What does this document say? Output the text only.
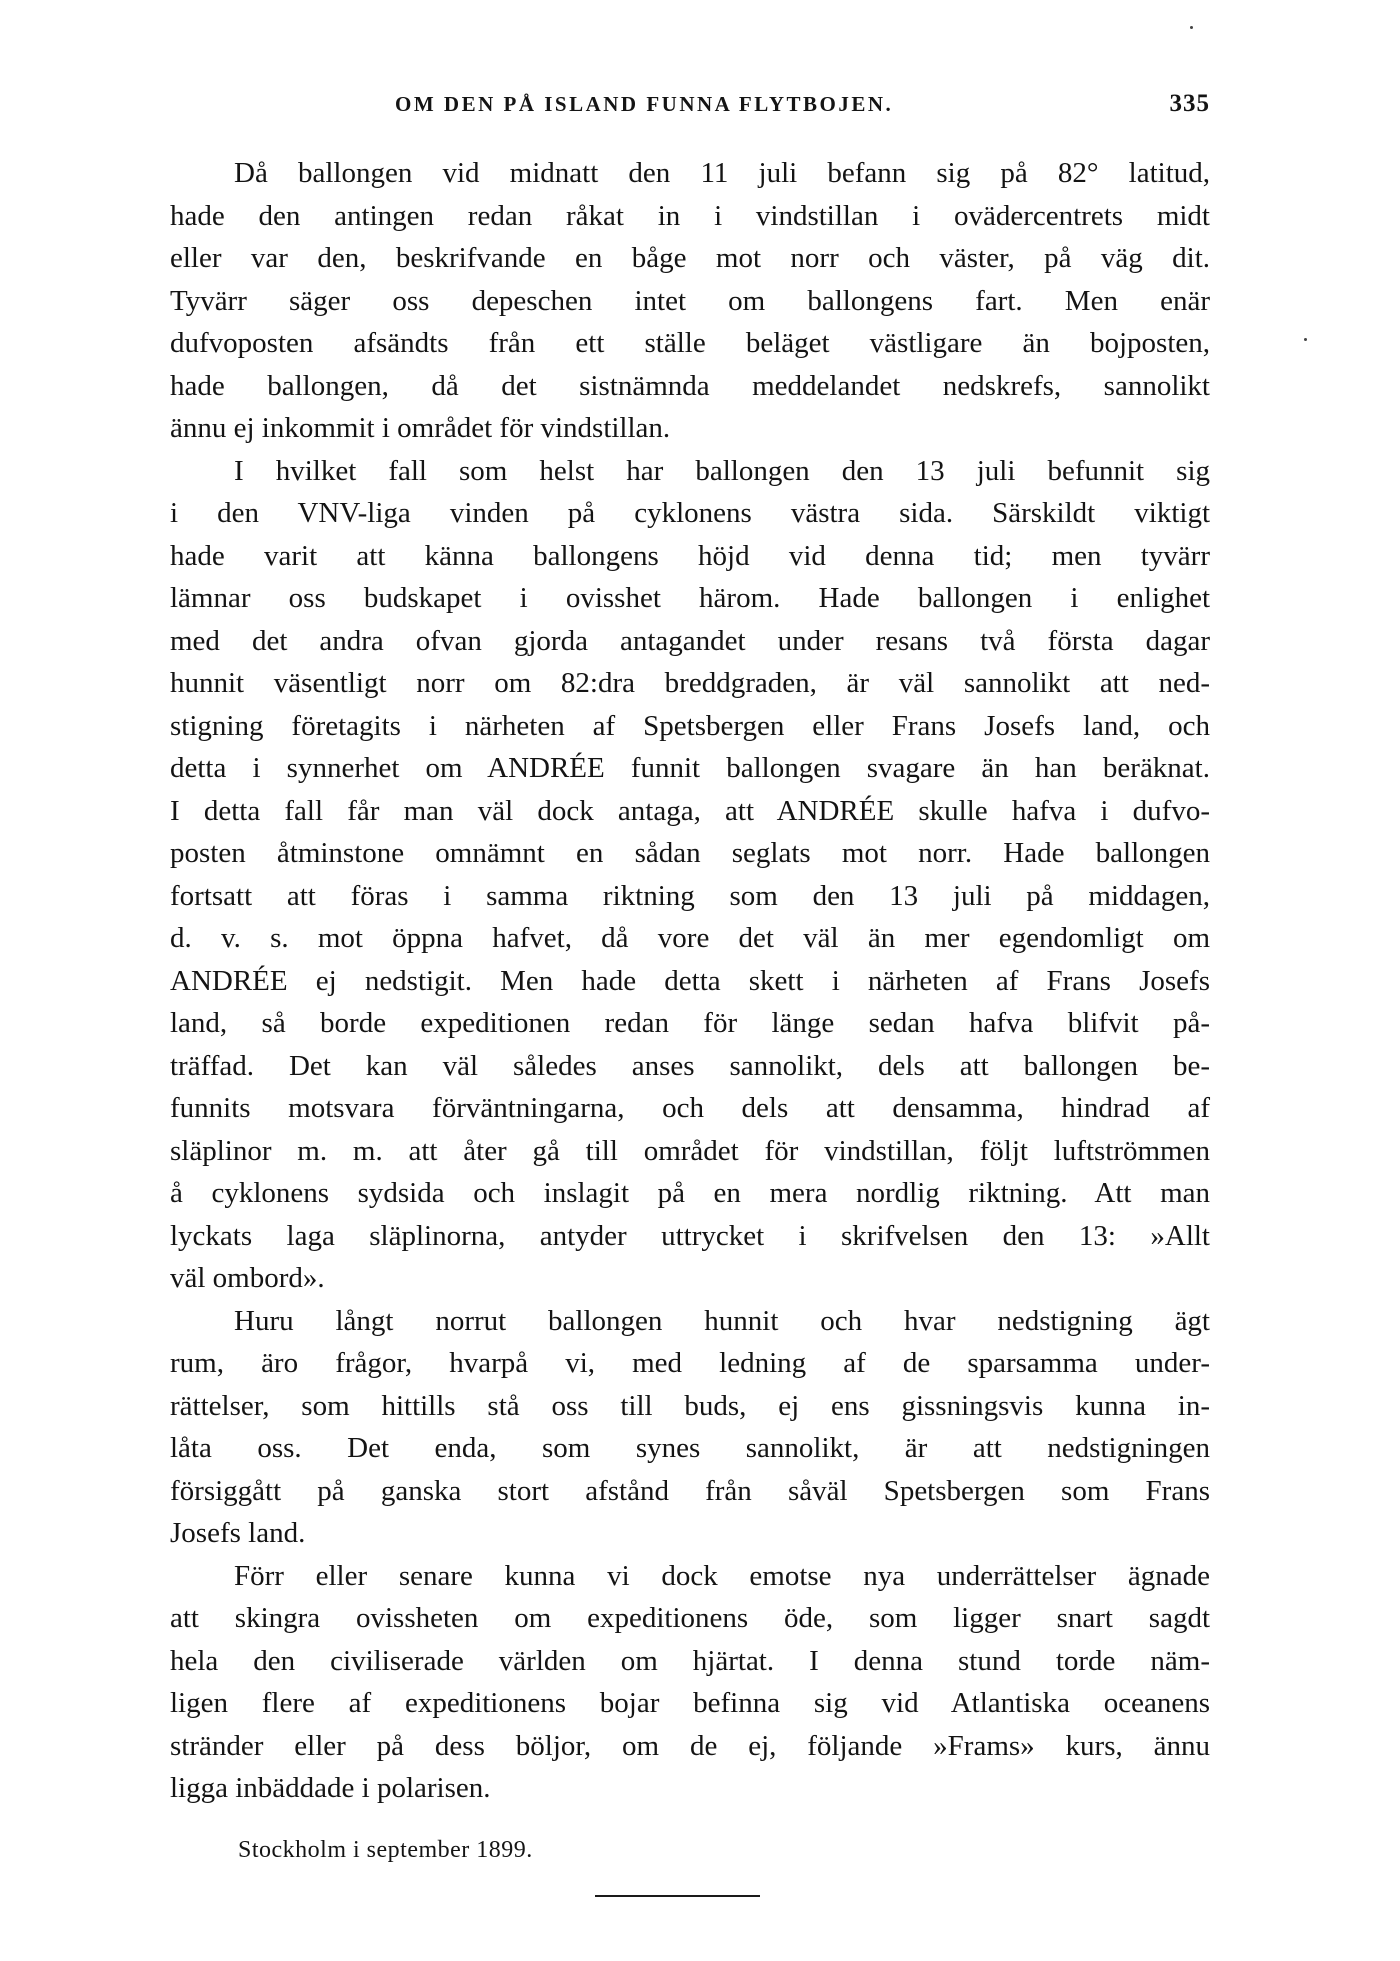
OM DEN PÅ ISLAND FUNNA FLYTBOJEN.	335
Då ballongen vid midnatt den 11 juli befann sig på 82° latitud,
hade den antingen redan råkat in i vindstillan i ovädercentrets midt
eller var den, beskrifvande en båge mot norr och väster, på väg dit.
Tyvärr säger oss depeschen intet om ballongens fart. Men enär
dufvoposten afsändts från ett ställe beläget västligare än bojposten,
hade ballongen, då det sistnämnda meddelandet nedskrefs, sannolikt
ännu ej inkommit i området för vindstillan.
I hvilket fall som helst har ballongen den 13 juli befunnit sig
i den VNV-liga vinden på cyklonens västra sida. Särskildt viktigt
hade varit att känna ballongens höjd vid denna tid; men tyvärr
lämnar oss budskapet i ovisshet härom. Hade ballongen i enlighet
med det andra ofvan gjorda antagandet under resans två första dagar
hunnit väsentligt norr om 82:dra breddgraden, är väl sannolikt att ned-
stigning företagits i närheten af Spetsbergen eller Frans Josefs land, och
detta i synnerhet om ANDRÉE funnit ballongen svagare än han beräknat.
I detta fall får man väl dock antaga, att ANDRÉE skulle hafva i dufvo-
posten åtminstone omnämnt en sådan seglats mot norr. Hade ballongen
fortsatt att föras i samma riktning som den 13 juli på middagen,
d. v. s. mot öppna hafvet, då vore det väl än mer egendomligt om
ANDRÉE ej nedstigit. Men hade detta skett i närheten af Frans Josefs
land, så borde expeditionen redan för länge sedan hafva blifvit på-
träffad. Det kan väl således anses sannolikt, dels att ballongen be-
funnits motsvara förväntningarna, och dels att densamma, hindrad af
släplinor m. m. att åter gå till området för vindstillan, följt luftströmmen
å cyklonens sydsida och inslagit på en mera nordlig riktning. Att man
lyckats laga släplinorna, antyder uttrycket i skrifvelsen den 13: »Allt
väl ombord».
Huru långt norrut ballongen hunnit och hvar nedstigning ägt
rum, äro frågor, hvarpå vi, med ledning af de sparsamma under-
rättelser, som hittills stå oss till buds, ej ens gissningsvis kunna in-
låta oss. Det enda, som synes sannolikt, är att nedstigningen
försiggått på ganska stort afstånd från såväl Spetsbergen som Frans
Josefs land.
Förr eller senare kunna vi dock emotse nya underrättelser ägnade
att skingra ovissheten om expeditionens öde, som ligger snart sagdt
hela den civiliserade världen om hjärtat. I denna stund torde näm-
ligen flere af expeditionens bojar befinna sig vid Atlantiska oceanens
stränder eller på dess böljor, om de ej, följande »Frams» kurs, ännu
ligga inbäddade i polarisen.
Stockholm i september 1899.
